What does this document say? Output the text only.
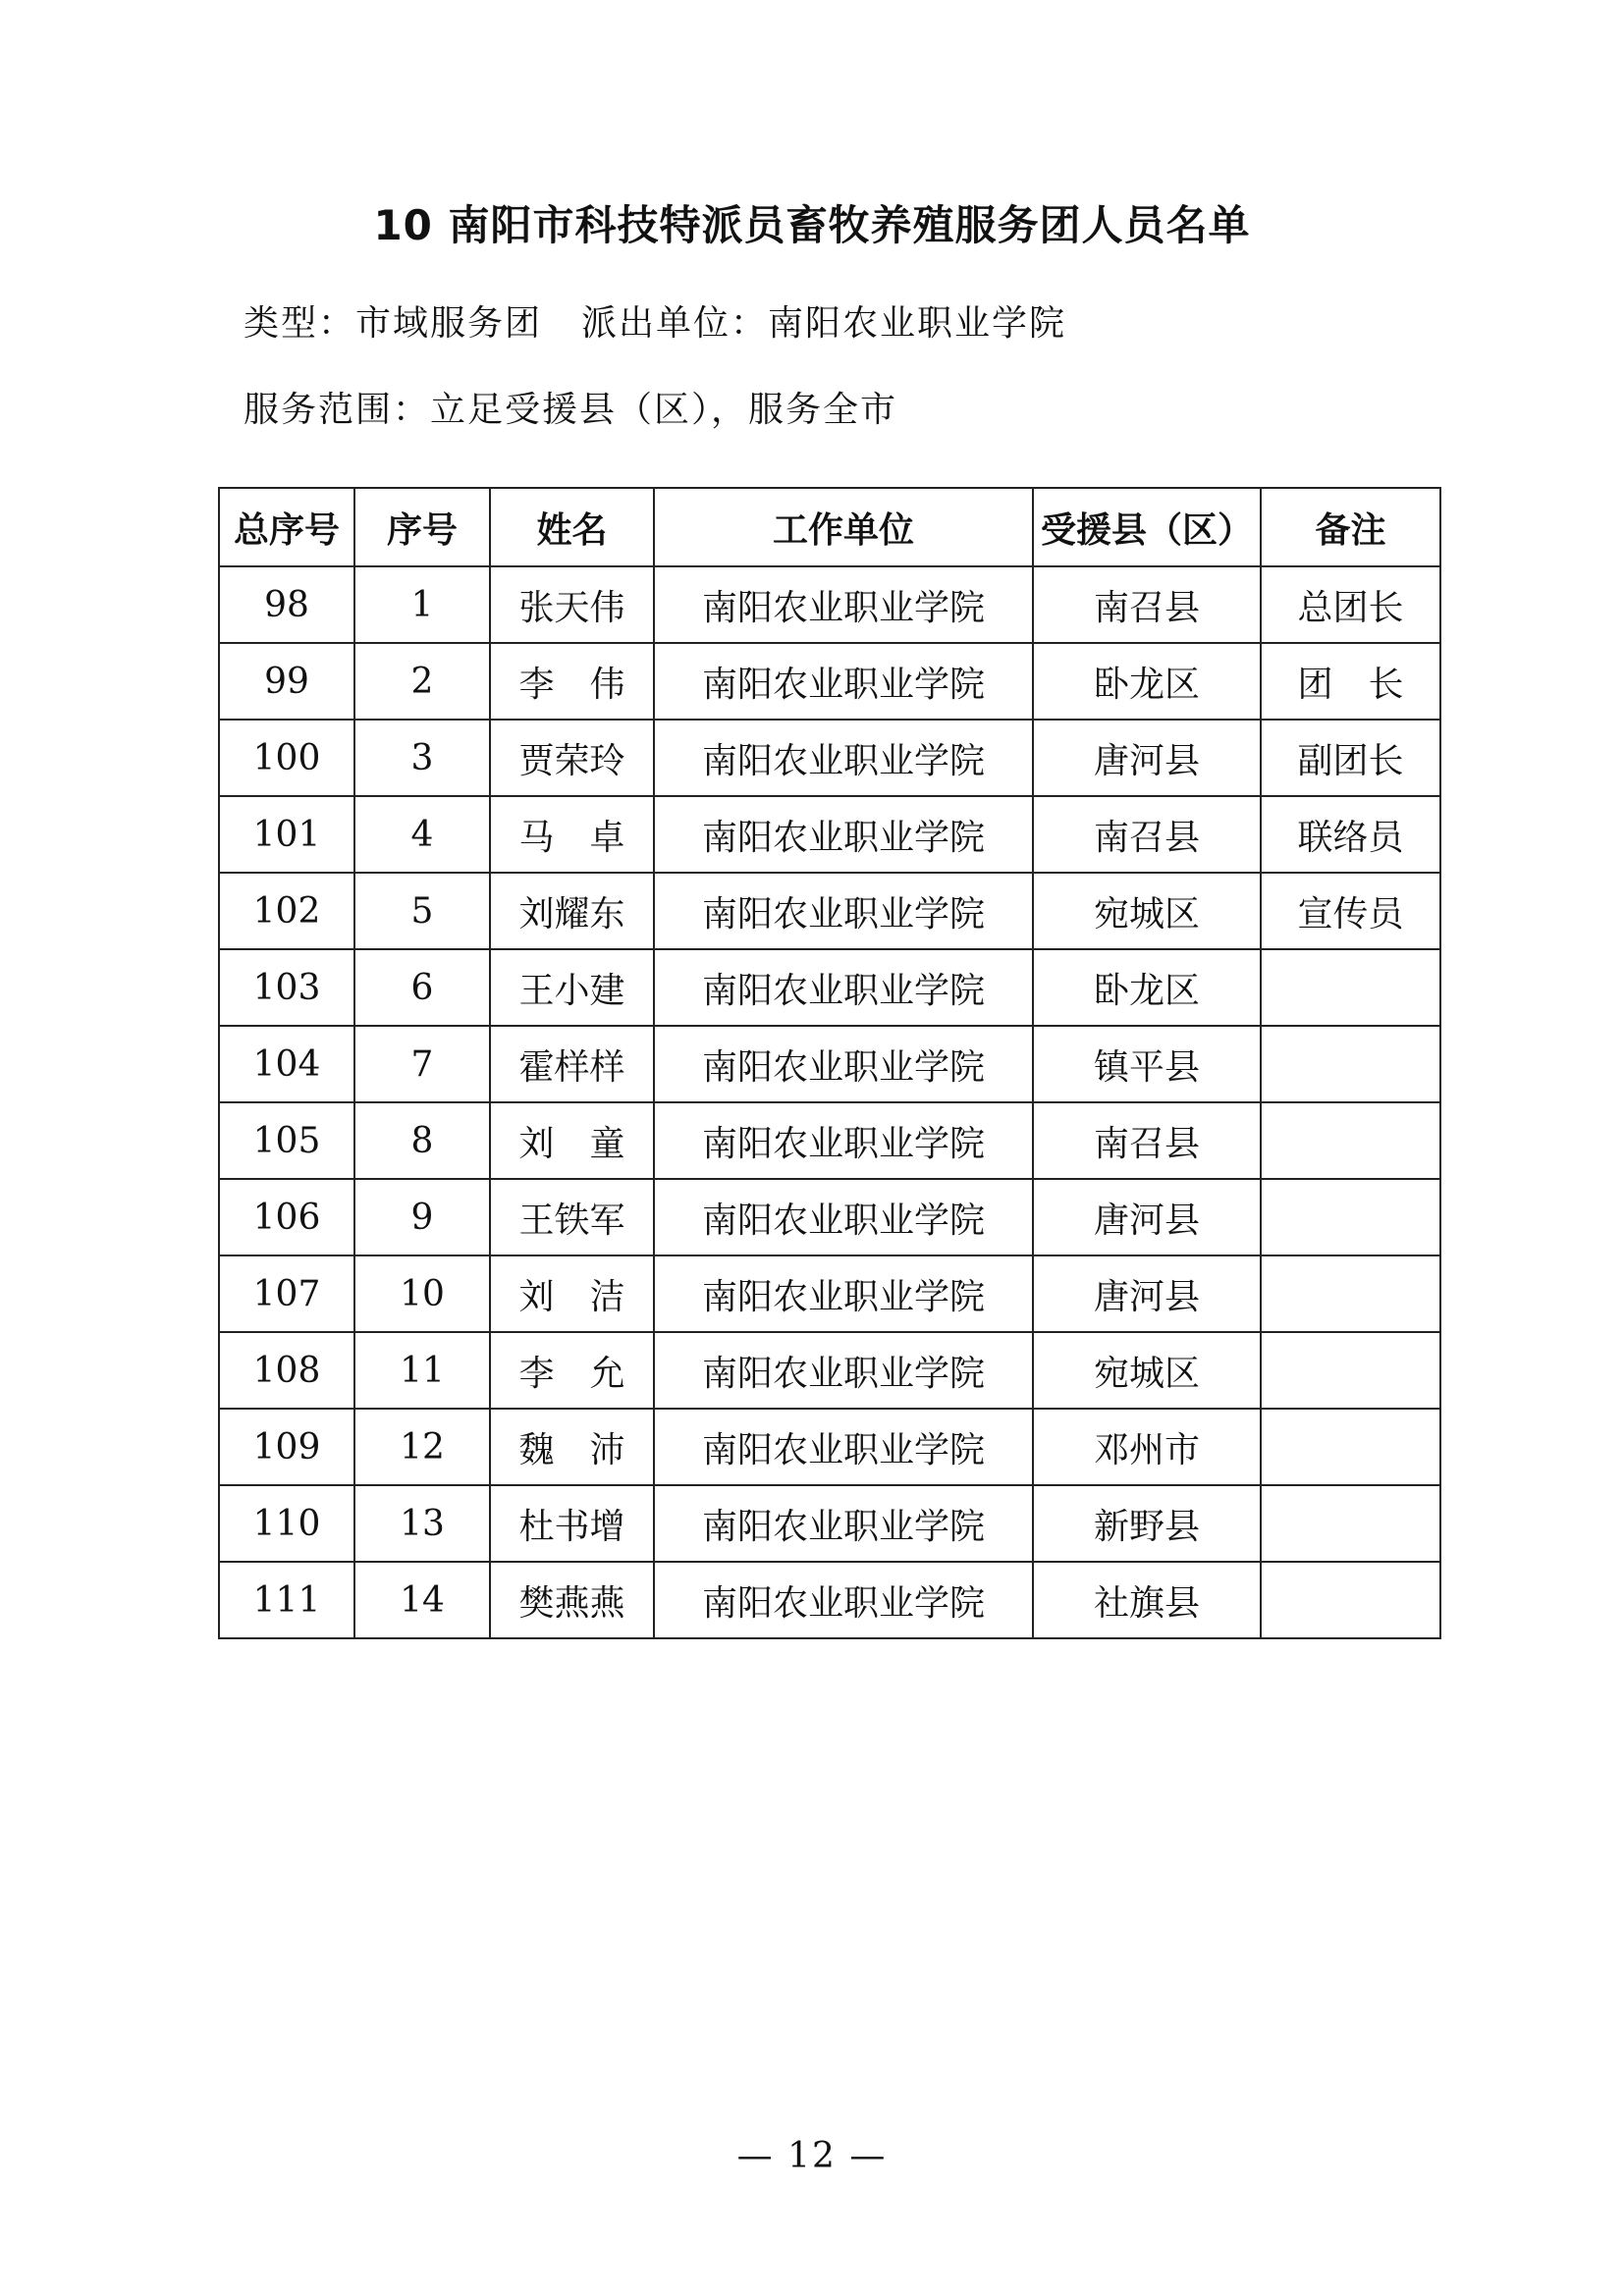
10 南阳市科技特派员畜牧养殖服务团人员名单
类型：市域服务团 派出单位：南阳农业职业学院
服务范围：立足受援县（区），服务全市
总序号	序号	姓名	工作单位	受援县（区）	备注
98	1	张天伟	南阳农业职业学院	南召县	总团长
99	2	李　伟	南阳农业职业学院	卧龙区	团　长
100	3	贾荣玲	南阳农业职业学院	唐河县	副团长
101	4	马　卓	南阳农业职业学院	南召县	联络员
102	5	刘耀东	南阳农业职业学院	宛城区	宣传员
103	6	王小建	南阳农业职业学院	卧龙区	
104	7	霍样样	南阳农业职业学院	镇平县	
105	8	刘　童	南阳农业职业学院	南召县	
106	9	王铁军	南阳农业职业学院	唐河县	
107	10	刘　洁	南阳农业职业学院	唐河县	
108	11	李　允	南阳农业职业学院	宛城区	
109	12	魏　沛	南阳农业职业学院	邓州市	
110	13	杜书增	南阳农业职业学院	新野县	
111	14	樊燕燕	南阳农业职业学院	社旗县	
— 12 —
